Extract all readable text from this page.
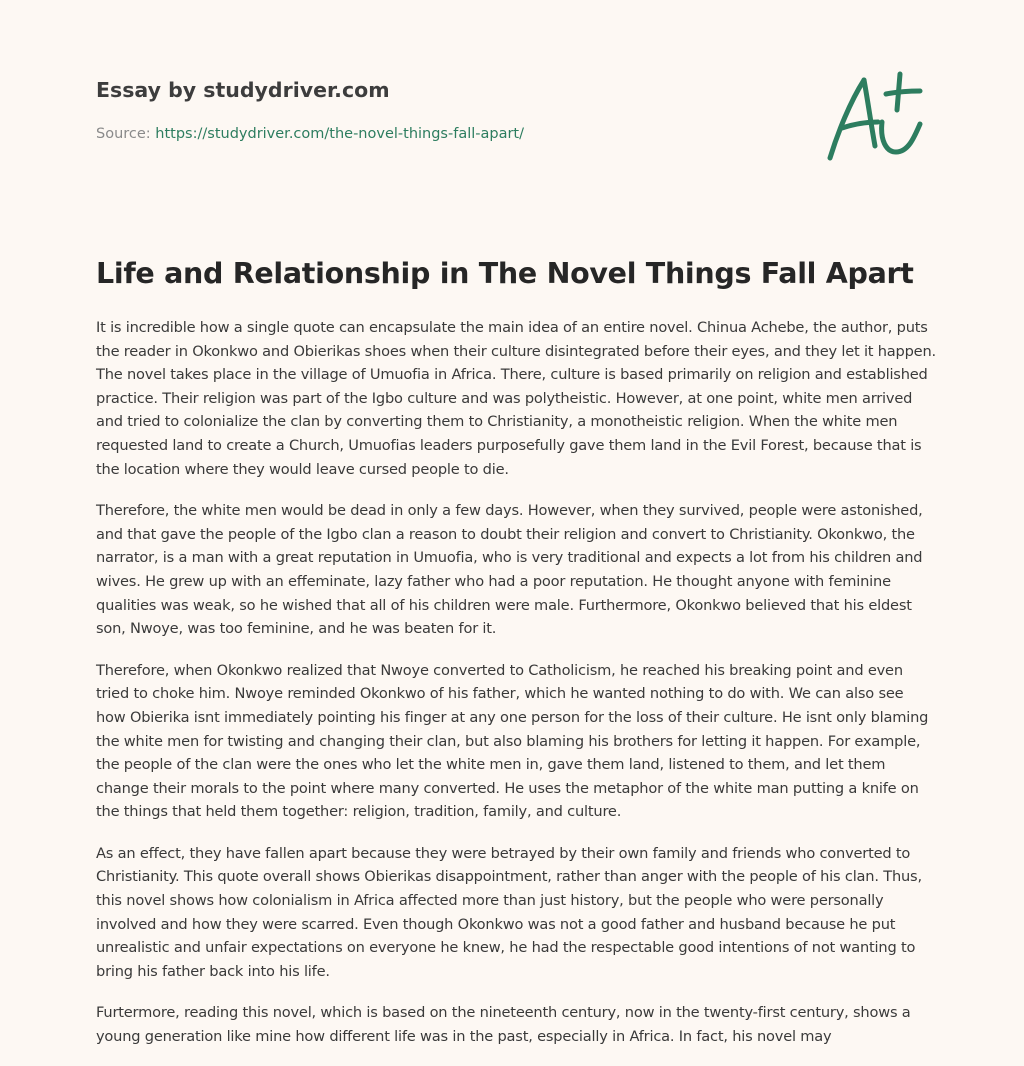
Essay by studydriver.com

Source: https://studydriver.com/the-novel-things-fall-apart/
Life and Relationship in The Novel Things Fall Apart

It is incredible how a single quote can encapsulate the main idea of an entire novel. Chinua Achebe, the author, puts the reader in Okonkwo and Obierikas shoes when their culture disintegrated before their eyes, and they let it happen. The novel takes place in the village of Umuofia in Africa. There, culture is based primarily on religion and established practice. Their religion was part of the Igbo culture and was polytheistic. However, at one point, white men arrived and tried to colonialize the clan by converting them to Christianity, a monotheistic religion. When the white men requested land to create a Church, Umuofias leaders purposefully gave them land in the Evil Forest, because that is the location where they would leave cursed people to die.

Therefore, the white men would be dead in only a few days. However, when they survived, people were astonished, and that gave the people of the Igbo clan a reason to doubt their religion and convert to Christianity. Okonkwo, the narrator, is a man with a great reputation in Umuofia, who is very traditional and expects a lot from his children and wives. He grew up with an effeminate, lazy father who had a poor reputation. He thought anyone with feminine qualities was weak, so he wished that all of his children were male. Furthermore, Okonkwo believed that his eldest son, Nwoye, was too feminine, and he was beaten for it.

Therefore, when Okonkwo realized that Nwoye converted to Catholicism, he reached his breaking point and even tried to choke him. Nwoye reminded Okonkwo of his father, which he wanted nothing to do with. We can also see how Obierika isnt immediately pointing his finger at any one person for the loss of their culture. He isnt only blaming the white men for twisting and changing their clan, but also blaming his brothers for letting it happen. For example, the people of the clan were the ones who let the white men in, gave them land, listened to them, and let them change their morals to the point where many converted. He uses the metaphor of the white man putting a knife on the things that held them together: religion, tradition, family, and culture.

As an effect, they have fallen apart because they were betrayed by their own family and friends who converted to Christianity. This quote overall shows Obierikas disappointment, rather than anger with the people of his clan. Thus, this novel shows how colonialism in Africa affected more than just history, but the people who were personally involved and how they were scarred. Even though Okonkwo was not a good father and husband because he put unrealistic and unfair expectations on everyone he knew, he had the respectable good intentions of not wanting to bring his father back into his life.

Furtermore, reading this novel, which is based on the nineteenth century, now in the twenty-first century, shows a young generation like mine how different life was in the past, especially in Africa. In fact, his novel may
